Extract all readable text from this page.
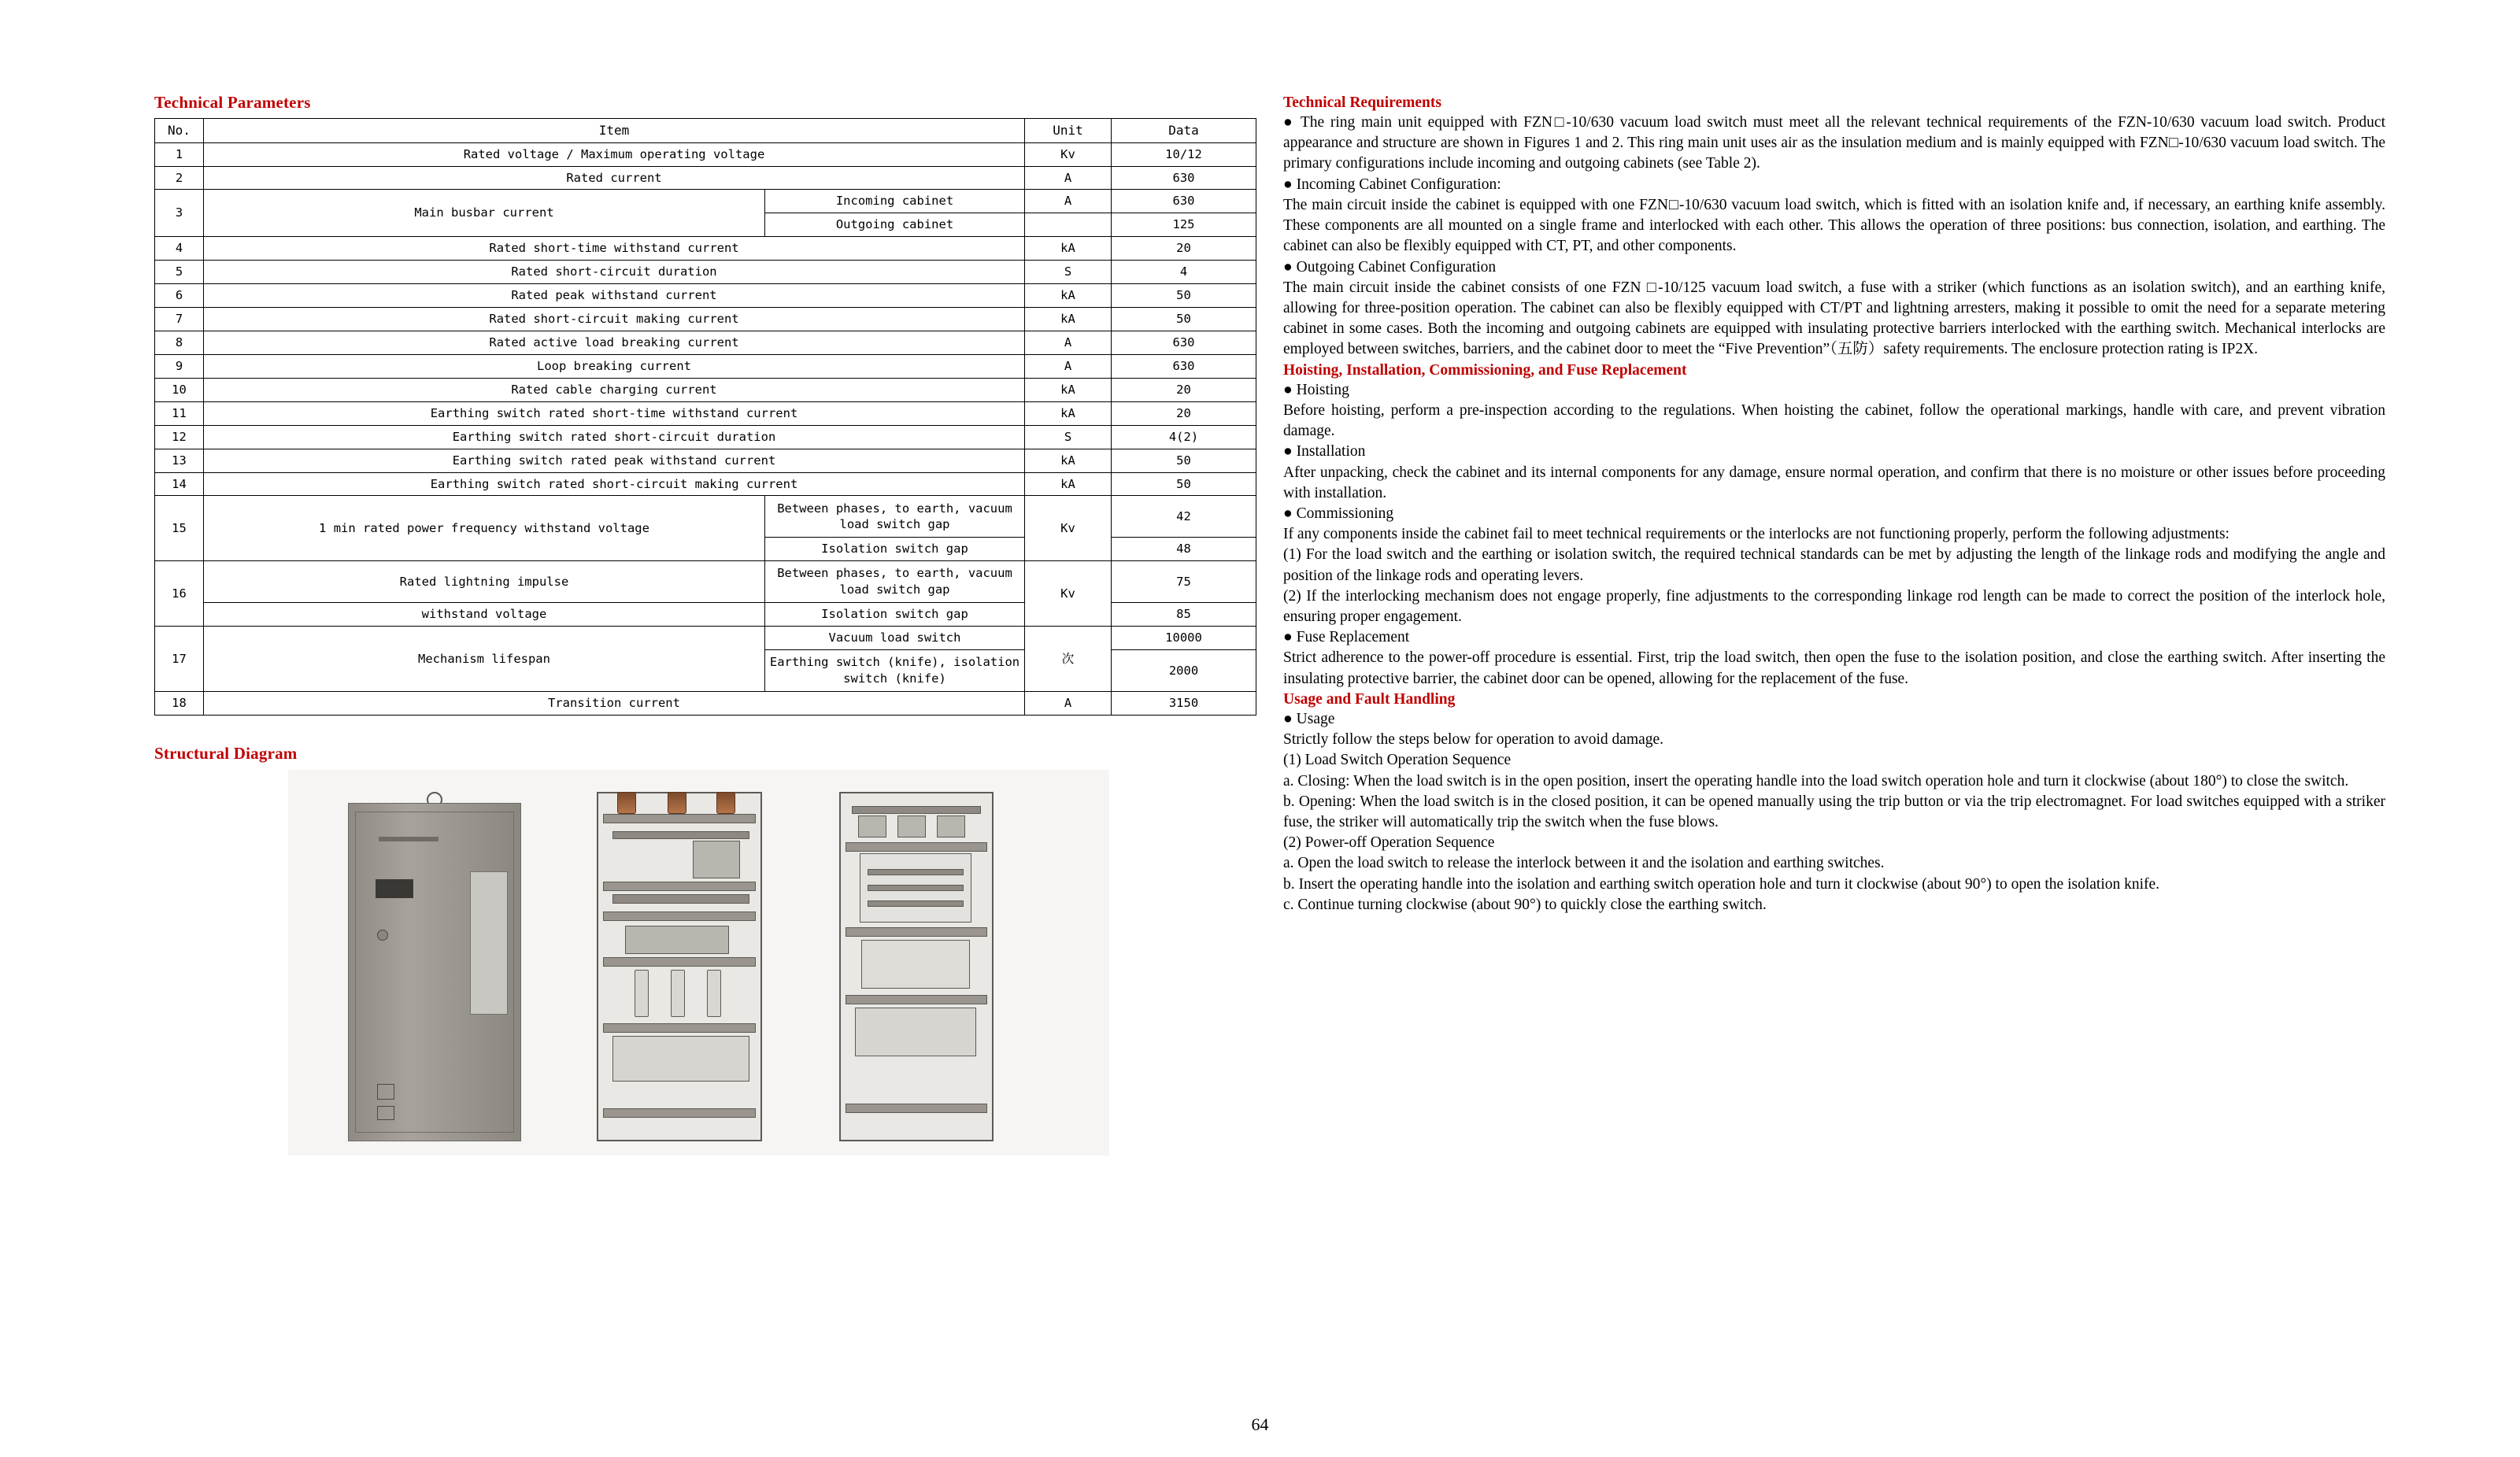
Technical Parameters
No.	Item		Unit	Data
1	Rated voltage / Maximum operating voltage		Kv	10/12
2	Rated current		A	630
3	Main busbar current	Incoming cabinet	A	630
		Outgoing cabinet		125
4	Rated short-time withstand current		kA	20
5	Rated short-circuit duration		S	4
6	Rated peak withstand current		kA	50
7	Rated short-circuit making current		kA	50
8	Rated active load breaking current		A	630
9	Loop breaking current		A	630
10	Rated cable charging current		kA	20
11	Earthing switch rated short-time withstand current		kA	20
12	Earthing switch rated short-circuit duration		S	4(2)
13	Earthing switch rated peak withstand current		kA	50
14	Earthing switch rated short-circuit making current		kA	50
15	1 min rated power frequency withstand voltage	Between phases, to earth, vacuum load switch gap	Kv	42
		Isolation switch gap		48
16	Rated lightning impulse	Between phases, to earth, vacuum load switch gap	Kv	75
	withstand voltage	Isolation switch gap		85
17	Mechanism lifespan	Vacuum load switch	次	10000
		Earthing switch (knife), isolation switch (knife)		2000
18	Transition current		A	3150
Structural Diagram
Technical Requirements

● The ring main unit equipped with FZN□-10/630 vacuum load switch must meet all the relevant technical requirements of the FZN-10/630 vacuum load switch. Product appearance and structure are shown in Figures 1 and 2. This ring main unit uses air as the insulation medium and is mainly equipped with FZN□-10/630 vacuum load switch. The primary configurations include incoming and outgoing cabinets (see Table 2).

● Incoming Cabinet Configuration:

The main circuit inside the cabinet is equipped with one FZN□-10/630 vacuum load switch, which is fitted with an isolation knife and, if necessary, an earthing knife assembly. These components are all mounted on a single frame and interlocked with each other. This allows the operation of three positions: bus connection, isolation, and earthing. The cabinet can also be flexibly equipped with CT, PT, and other components.

● Outgoing Cabinet Configuration

The main circuit inside the cabinet consists of one FZN □-10/125 vacuum load switch, a fuse with a striker (which functions as an isolation switch), and an earthing knife, allowing for three-position operation. The cabinet can also be flexibly equipped with CT/PT and lightning arresters, making it possible to omit the need for a separate metering cabinet in some cases. Both the incoming and outgoing cabinets are equipped with insulating protective barriers interlocked with the earthing switch. Mechanical interlocks are employed between switches, barriers, and the cabinet door to meet the “Five Prevention”（五防）safety requirements. The enclosure protection rating is IP2X.

Hoisting, Installation, Commissioning, and Fuse Replacement

● Hoisting

Before hoisting, perform a pre-inspection according to the regulations. When hoisting the cabinet, follow the operational markings, handle with care, and prevent vibration damage.

● Installation

After unpacking, check the cabinet and its internal components for any damage, ensure normal operation, and confirm that there is no moisture or other issues before proceeding with installation.

● Commissioning

If any components inside the cabinet fail to meet technical requirements or the interlocks are not functioning properly, perform the following adjustments:

(1) For the load switch and the earthing or isolation switch, the required technical standards can be met by adjusting the length of the linkage rods and modifying the angle and position of the linkage rods and operating levers.

(2) If the interlocking mechanism does not engage properly, fine adjustments to the corresponding linkage rod length can be made to correct the position of the interlock hole, ensuring proper engagement.

● Fuse Replacement

Strict adherence to the power-off procedure is essential. First, trip the load switch, then open the fuse to the isolation position, and close the earthing switch. After inserting the insulating protective barrier, the cabinet door can be opened, allowing for the replacement of the fuse.

Usage and Fault Handling

● Usage

Strictly follow the steps below for operation to avoid damage.

(1) Load Switch Operation Sequence

a. Closing: When the load switch is in the open position, insert the operating handle into the load switch operation hole and turn it clockwise (about 180°) to close the switch.

b. Opening: When the load switch is in the closed position, it can be opened manually using the trip button or via the trip electromagnet. For load switches equipped with a striker fuse, the striker will automatically trip the switch when the fuse blows.

(2) Power-off Operation Sequence

a. Open the load switch to release the interlock between it and the isolation and earthing switches.

b. Insert the operating handle into the isolation and earthing switch operation hole and turn it clockwise (about 90°) to open the isolation knife.

c. Continue turning clockwise (about 90°) to quickly close the earthing switch.

64
